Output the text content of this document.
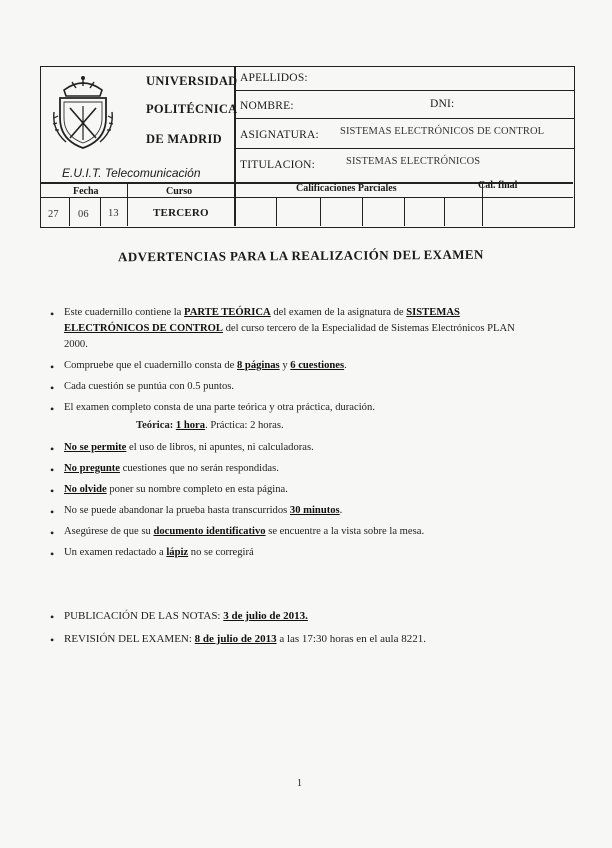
UNIVERSIDAD
POLITÉCNICA
DE MADRID
E.U.I.T. Telecomunicación
APELLIDOS:
NOMBRE:	DNI:
ASIGNATURA: SISTEMAS ELECTRÓNICOS DE CONTROL
TITULACION:	SISTEMAS ELECTRÓNICOS
Fecha	Curso	Calificaciones Parciales	Cal. final
27 06 13	TERCERO
ADVERTENCIAS PARA LA REALIZACIÓN DEL EXAMEN
• Este cuadernillo contiene la PARTE TEÓRICA del examen de la asignatura de SISTEMAS ELECTRÓNICOS DE CONTROL del curso tercero de la Especialidad de Sistemas Electrónicos PLAN 2000.
• Compruebe que el cuadernillo consta de 8 páginas y 6 cuestiones.
• Cada cuestión se puntúa con 0.5 puntos.
• El examen completo consta de una parte teórica y otra práctica, duración.
Teórica: 1 hora. Práctica: 2 horas.
• No se permite el uso de libros, ni apuntes, ni calculadoras.
• No pregunte cuestiones que no serán respondidas.
• No olvide poner su nombre completo en esta página.
• No se puede abandonar la prueba hasta transcurridos 30 minutos.
• Asegúrese de que su documento identificativo se encuentre a la vista sobre la mesa.
• Un examen redactado a lápiz no se corregirá
• PUBLICACIÓN DE LAS NOTAS: 3 de julio de 2013.
• REVISIÓN DEL EXAMEN: 8 de julio de 2013 a las 17:30 horas en el aula 8221.
1
